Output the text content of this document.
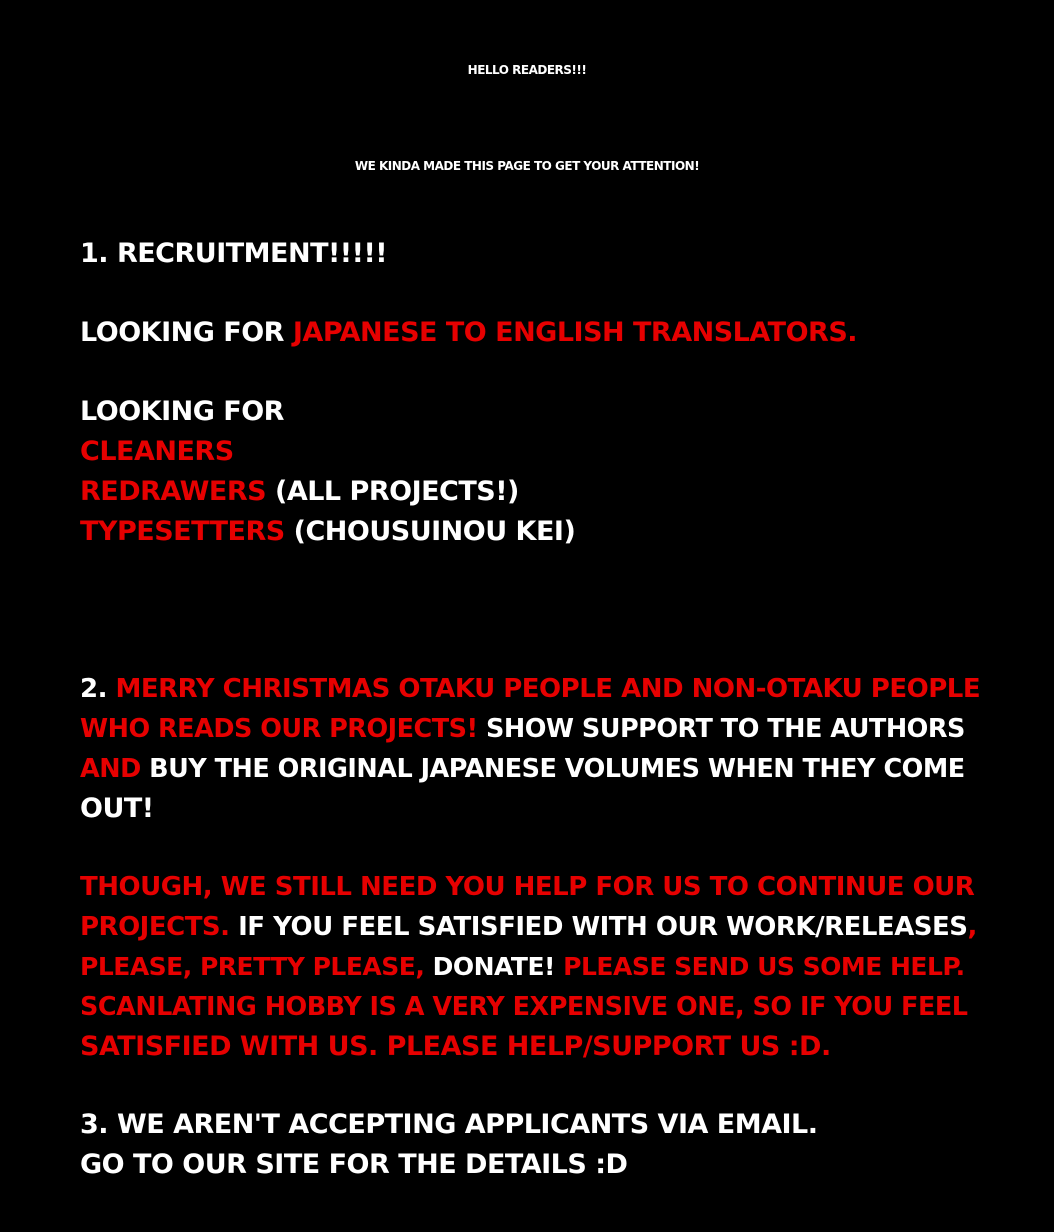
HELLO READERS!!!
WE KINDA MADE THIS PAGE TO GET YOUR ATTENTION!
1. RECRUITMENT!!!!!
LOOKING FOR JAPANESE TO ENGLISH TRANSLATORS.
LOOKING FOR
CLEANERS
REDRAWERS (ALL PROJECTS!)
TYPESETTERS (CHOUSUINOU KEI)
2. MERRY CHRISTMAS OTAKU PEOPLE AND NON-OTAKU PEOPLE
WHO READS OUR PROJECTS! SHOW SUPPORT TO THE AUTHORS
AND BUY THE ORIGINAL JAPANESE VOLUMES WHEN THEY COME
OUT!
THOUGH, WE STILL NEED YOU HELP FOR US TO CONTINUE OUR
PROJECTS. IF YOU FEEL SATISFIED WITH OUR WORK/RELEASES,
PLEASE, PRETTY PLEASE, DONATE! PLEASE SEND US SOME HELP.
SCANLATING HOBBY IS A VERY EXPENSIVE ONE, SO IF YOU FEEL
SATISFIED WITH US. PLEASE HELP/SUPPORT US :D.
3. WE AREN'T ACCEPTING APPLICANTS VIA EMAIL.
GO TO OUR SITE FOR THE DETAILS :D
